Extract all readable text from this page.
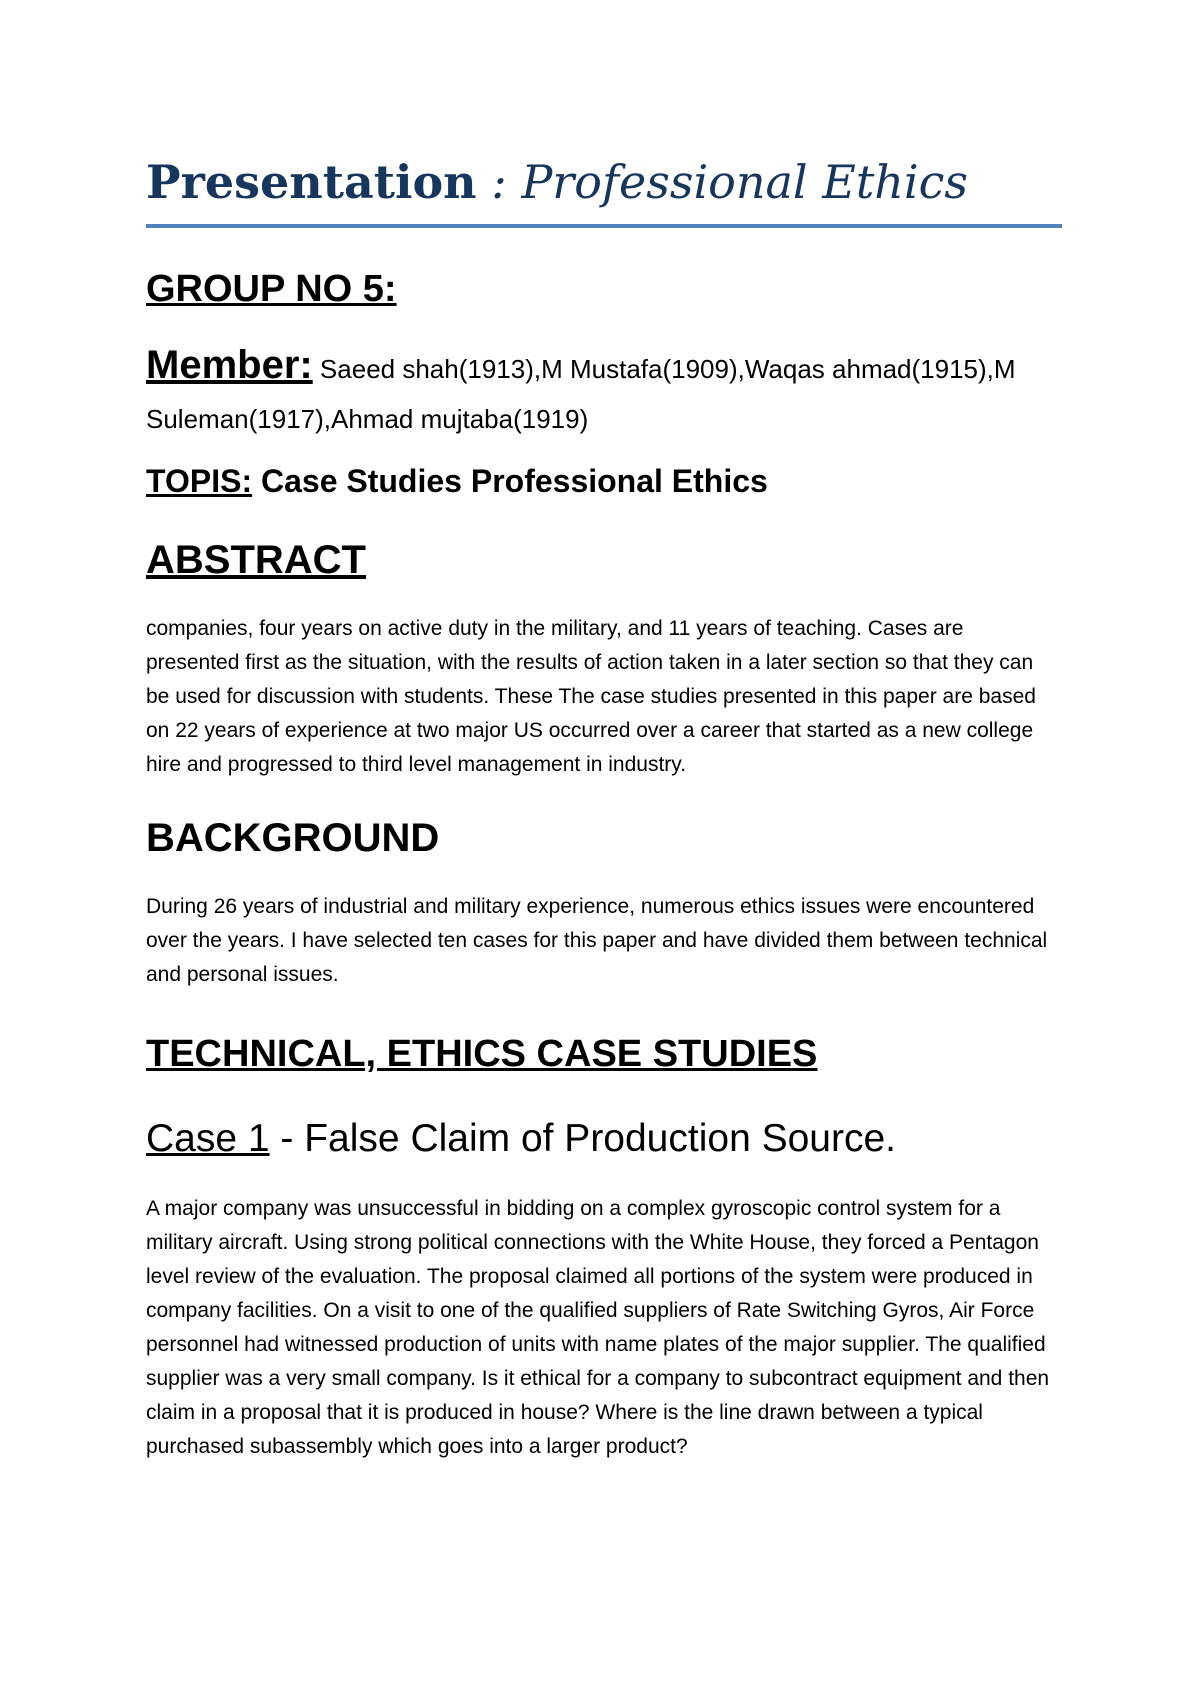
Presentation : Professional Ethics
GROUP NO 5:
Member: Saeed shah(1913),M Mustafa(1909),Waqas ahmad(1915),M Suleman(1917),Ahmad mujtaba(1919)
TOPIS: Case Studies Professional Ethics
ABSTRACT

companies, four years on active duty in the military, and 11 years of teaching. Cases are presented first as the situation, with the results of action taken in a later section so that they can be used for discussion with students. These The case studies presented in this paper are based on 22 years of experience at two major US occurred over a career that started as a new college hire and progressed to third level management in industry.

BACKGROUND

During 26 years of industrial and military experience, numerous ethics issues were encountered over the years. I have selected ten cases for this paper and have divided them between technical and personal issues.

TECHNICAL, ETHICS CASE STUDIES
Case 1 - False Claim of Production Source.

A major company was unsuccessful in bidding on a complex gyroscopic control system for a military aircraft. Using strong political connections with the White House, they forced a Pentagon level review of the evaluation. The proposal claimed all portions of the system were produced in company facilities. On a visit to one of the qualified suppliers of Rate Switching Gyros, Air Force personnel had witnessed production of units with name plates of the major supplier. The qualified supplier was a very small company. Is it ethical for a company to subcontract equipment and then claim in a proposal that it is produced in house? Where is the line drawn between a typical purchased subassembly which goes into a larger product?
